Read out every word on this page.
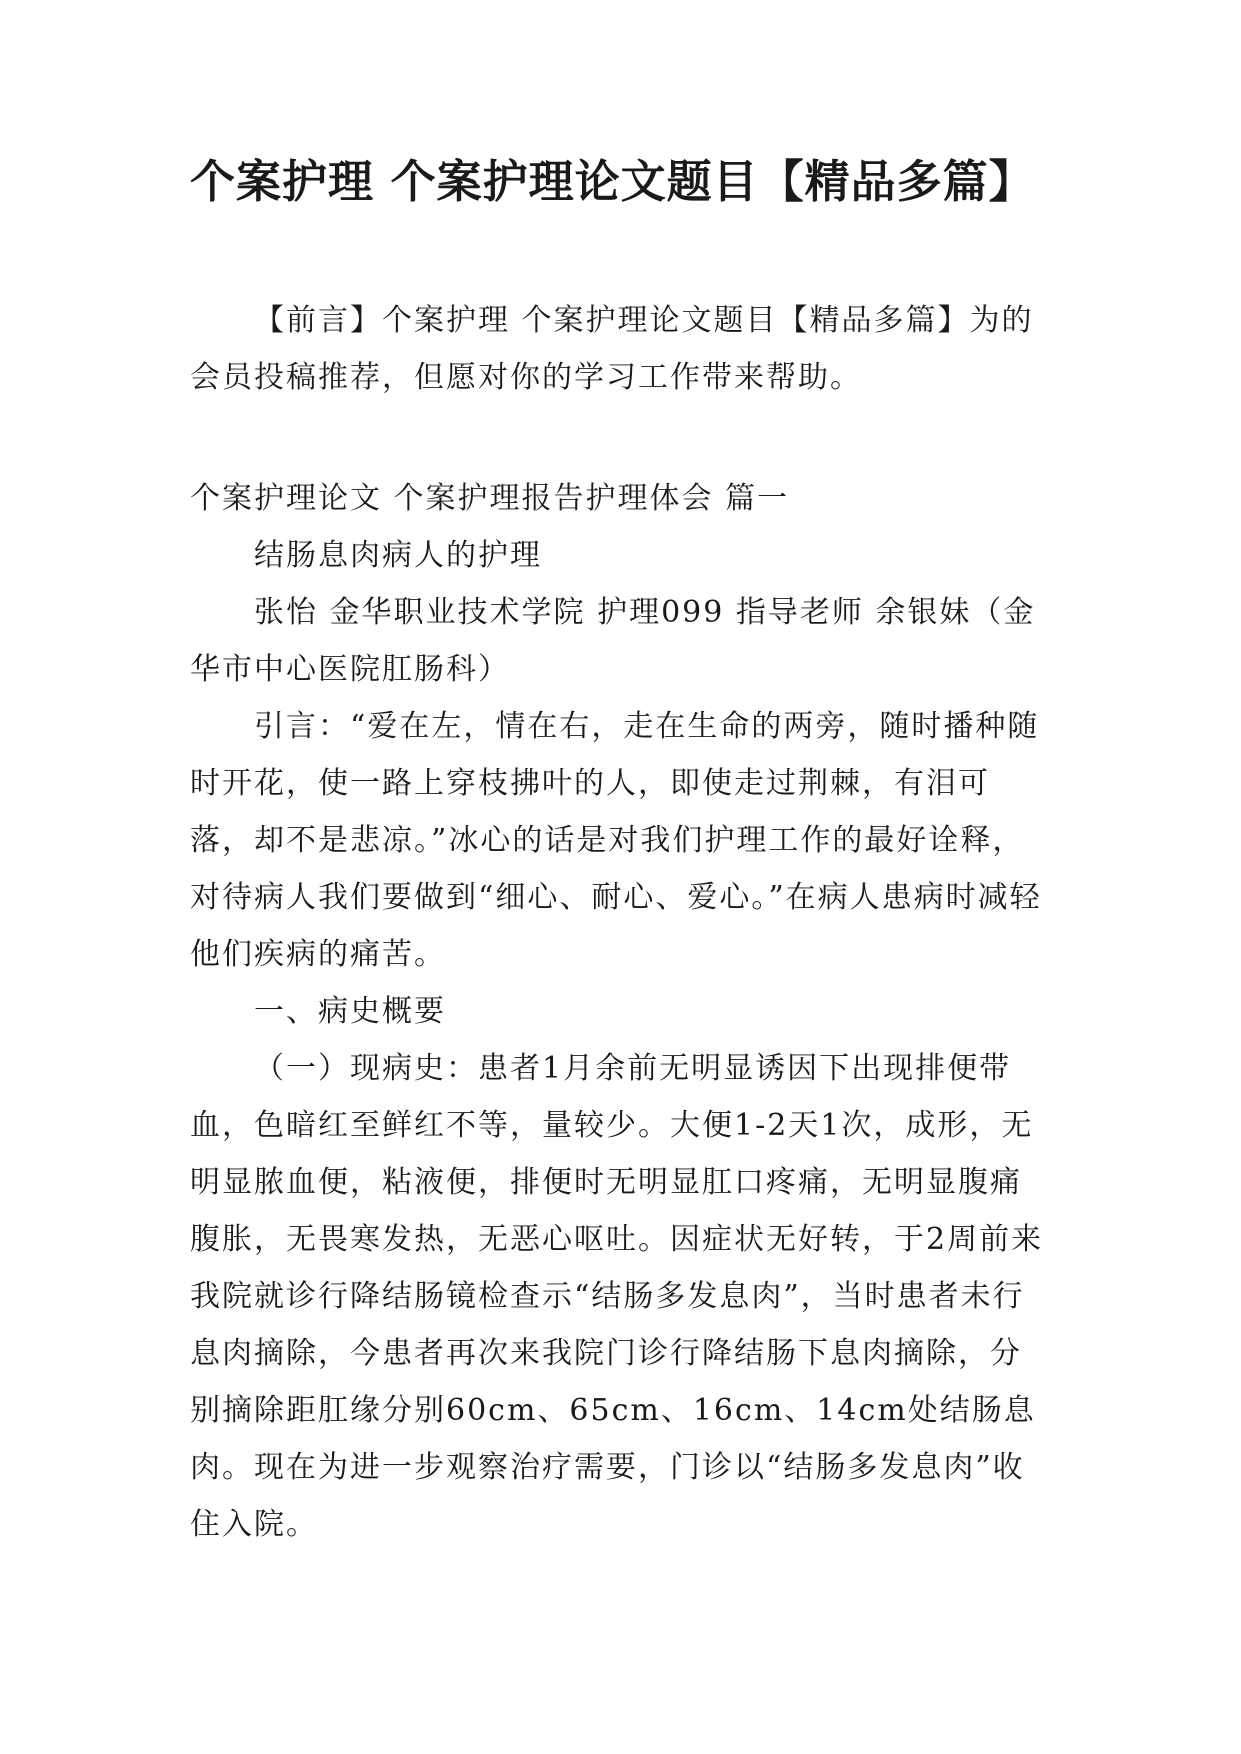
个案护理 个案护理论文题目【精品多篇】

【前言】个案护理 个案护理论文题目【精品多篇】为的会员投稿推荐，但愿对你的学习工作带来帮助。

个案护理论文 个案护理报告护理体会 篇一

结肠息肉病人的护理

张怡 金华职业技术学院 护理099 指导老师 余银妹（金华市中心医院肛肠科）

引言：“爱在左，情在右，走在生命的两旁，随时播种随时开花，使一路上穿枝拂叶的人，即使走过荆棘，有泪可落，却不是悲凉。”冰心的话是对我们护理工作的最好诠释，对待病人我们要做到“细心、耐心、爱心。”在病人患病时减轻他们疾病的痛苦。

一、病史概要

（一）现病史：患者1月余前无明显诱因下出现排便带血，色暗红至鲜红不等，量较少。大便1-2天1次，成形，无明显脓血便，粘液便，排便时无明显肛口疼痛，无明显腹痛腹胀，无畏寒发热，无恶心呕吐。因症状无好转，于2周前来我院就诊行降结肠镜检查示“结肠多发息肉”，当时患者未行息肉摘除，今患者再次来我院门诊行降结肠下息肉摘除，分别摘除距肛缘分别60cm、65cm、16cm、14cm处结肠息肉。现在为进一步观察治疗需要，门诊以“结肠多发息肉”收住入院。
